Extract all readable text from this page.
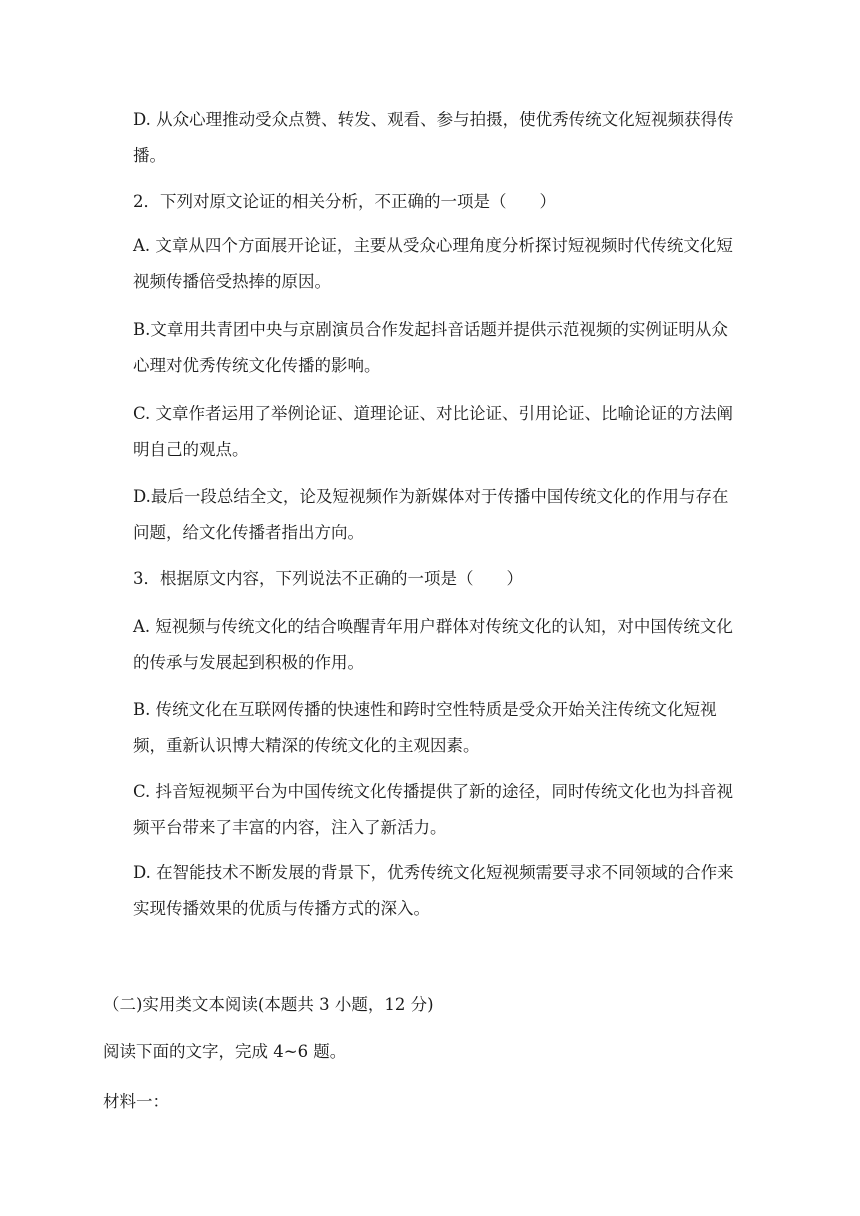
D. 从众心理推动受众点赞、转发、观看、参与拍摄，使优秀传统文化短视频获得传
播。

2．下列对原文论证的相关分析，不正确的一项是（　　）

A. 文章从四个方面展开论证，主要从受众心理角度分析探讨短视频时代传统文化短
视频传播倍受热捧的原因。

B.文章用共青团中央与京剧演员合作发起抖音话题并提供示范视频的实例证明从众
心理对优秀传统文化传播的影响。

C. 文章作者运用了举例论证、道理论证、对比论证、引用论证、比喻论证的方法阐
明自己的观点。

D.最后一段总结全文，论及短视频作为新媒体对于传播中国传统文化的作用与存在
问题，给文化传播者指出方向。

3．根据原文内容，下列说法不正确的一项是（　　）

A. 短视频与传统文化的结合唤醒青年用户群体对传统文化的认知，对中国传统文化
的传承与发展起到积极的作用。

B. 传统文化在互联网传播的快速性和跨时空性特质是受众开始关注传统文化短视
频，重新认识博大精深的传统文化的主观因素。

C. 抖音短视频平台为中国传统文化传播提供了新的途径，同时传统文化也为抖音视
频平台带来了丰富的内容，注入了新活力。

D. 在智能技术不断发展的背景下，优秀传统文化短视频需要寻求不同领域的合作来
实现传播效果的优质与传播方式的深入。

（二)实用类文本阅读(本题共 3 小题，12 分)

阅读下面的文字，完成 4~6 题。

材料一：
